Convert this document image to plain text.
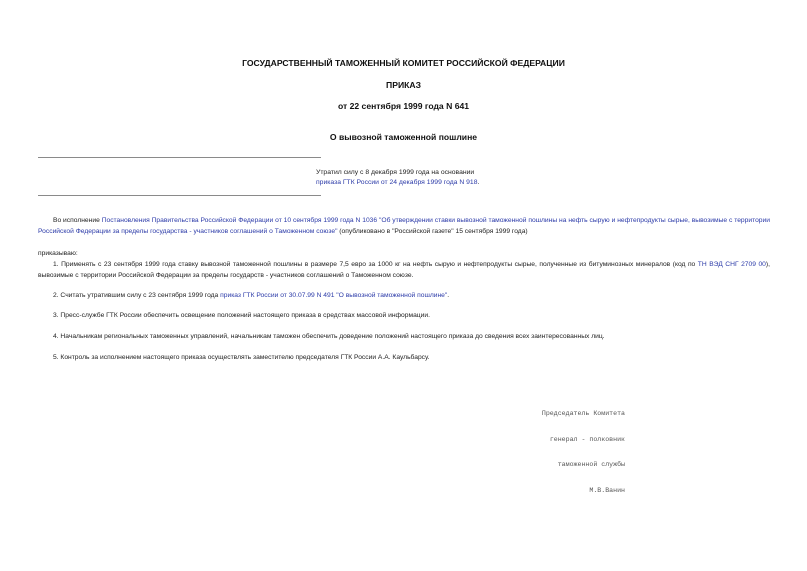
ГОСУДАРСТВЕННЫЙ ТАМОЖЕННЫЙ КОМИТЕТ РОССИЙСКОЙ ФЕДЕРАЦИИ
ПРИКАЗ
от 22 сентября 1999 года N 641
О вывозной таможенной пошлине
Утратил силу с 8 декабря 1999 года на основании
приказа ГТК России от 24 декабря 1999 года N 918.
Во исполнение Постановления Правительства Российской Федерации от 10 сентября 1999 года N 1036 "Об утверждении ставки вывозной таможенной пошлины на нефть сырую и нефтепродукты сырые, вывозимые с территории Российской Федерации за пределы государства - участников соглашений о Таможенном союзе" (опубликовано в "Российской газете" 15 сентября 1999 года)
приказываю:
1. Применять с 23 сентября 1999 года ставку вывозной таможенной пошлины в размере 7,5 евро за 1000 кг на нефть сырую и нефтепродукты сырые, полученные из битуминозных минералов (код по ТН ВЭД СНГ 2709 00), вывозимые с территории Российской Федерации за пределы государств - участников соглашений о Таможенном союзе.
2. Считать утратившим силу с 23 сентября 1999 года приказ ГТК России от 30.07.99 N 491 "О вывозной таможенной пошлине".
3. Пресс-службе ГТК России обеспечить освещение положений настоящего приказа в средствах массовой информации.
4. Начальникам региональных таможенных управлений, начальникам таможен обеспечить доведение положений настоящего приказа до сведения всех заинтересованных лиц.
5. Контроль за исполнением настоящего приказа осуществлять заместителю председателя ГТК России А.А. Каульбарсу.

Председатель Комитета

генерал - полковник

таможенной службы

М.В.Ванин
